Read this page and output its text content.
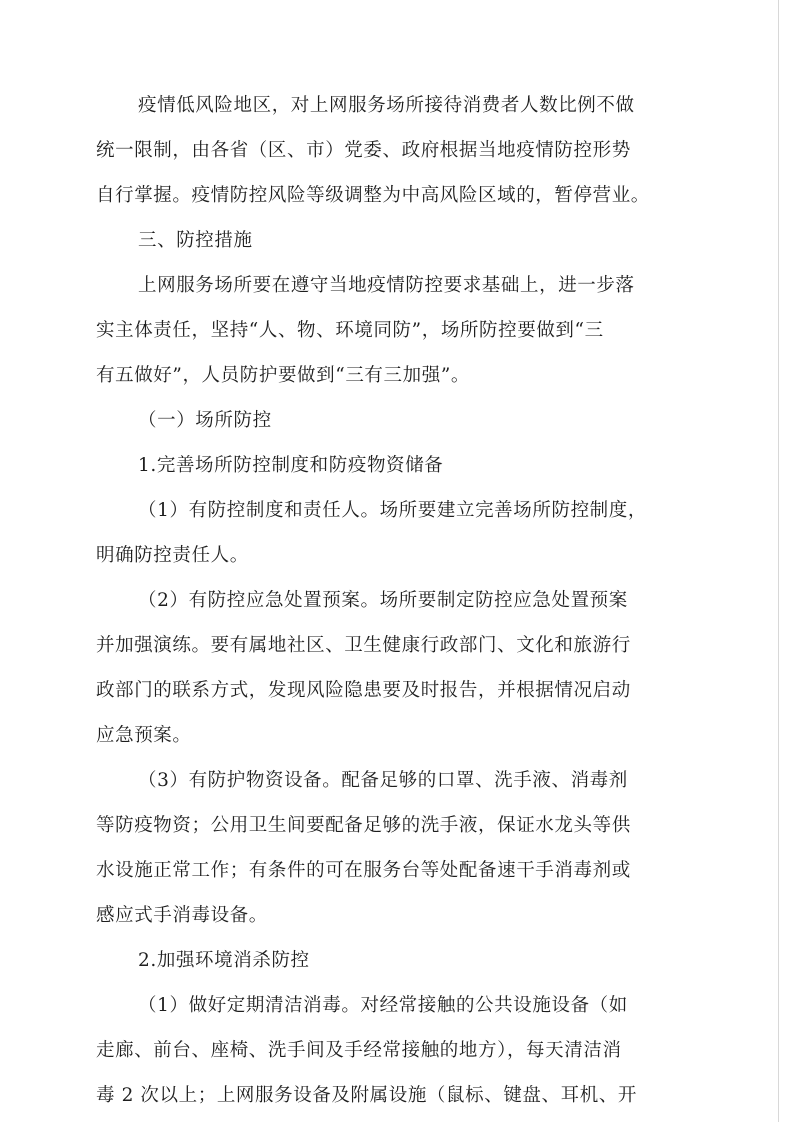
疫情低风险地区，对上网服务场所接待消费者人数比例不做
统一限制，由各省（区、市）党委、政府根据当地疫情防控形势
自行掌握。疫情防控风险等级调整为中高风险区域的，暂停营业。
三、防控措施
上网服务场所要在遵守当地疫情防控要求基础上，进一步落
实主体责任，坚持“人、物、环境同防”，场所防控要做到“三
有五做好”，人员防护要做到“三有三加强”。
（一）场所防控
1.完善场所防控制度和防疫物资储备
（1）有防控制度和责任人。场所要建立完善场所防控制度，
明确防控责任人。
（2）有防控应急处置预案。场所要制定防控应急处置预案
并加强演练。要有属地社区、卫生健康行政部门、文化和旅游行
政部门的联系方式，发现风险隐患要及时报告，并根据情况启动
应急预案。
（3）有防护物资设备。配备足够的口罩、洗手液、消毒剂
等防疫物资；公用卫生间要配备足够的洗手液，保证水龙头等供
水设施正常工作；有条件的可在服务台等处配备速干手消毒剂或
感应式手消毒设备。
2.加强环境消杀防控
（1）做好定期清洁消毒。对经常接触的公共设施设备（如
走廊、前台、座椅、洗手间及手经常接触的地方），每天清洁消
毒 2 次以上；上网服务设备及附属设施（鼠标、键盘、耳机、开
